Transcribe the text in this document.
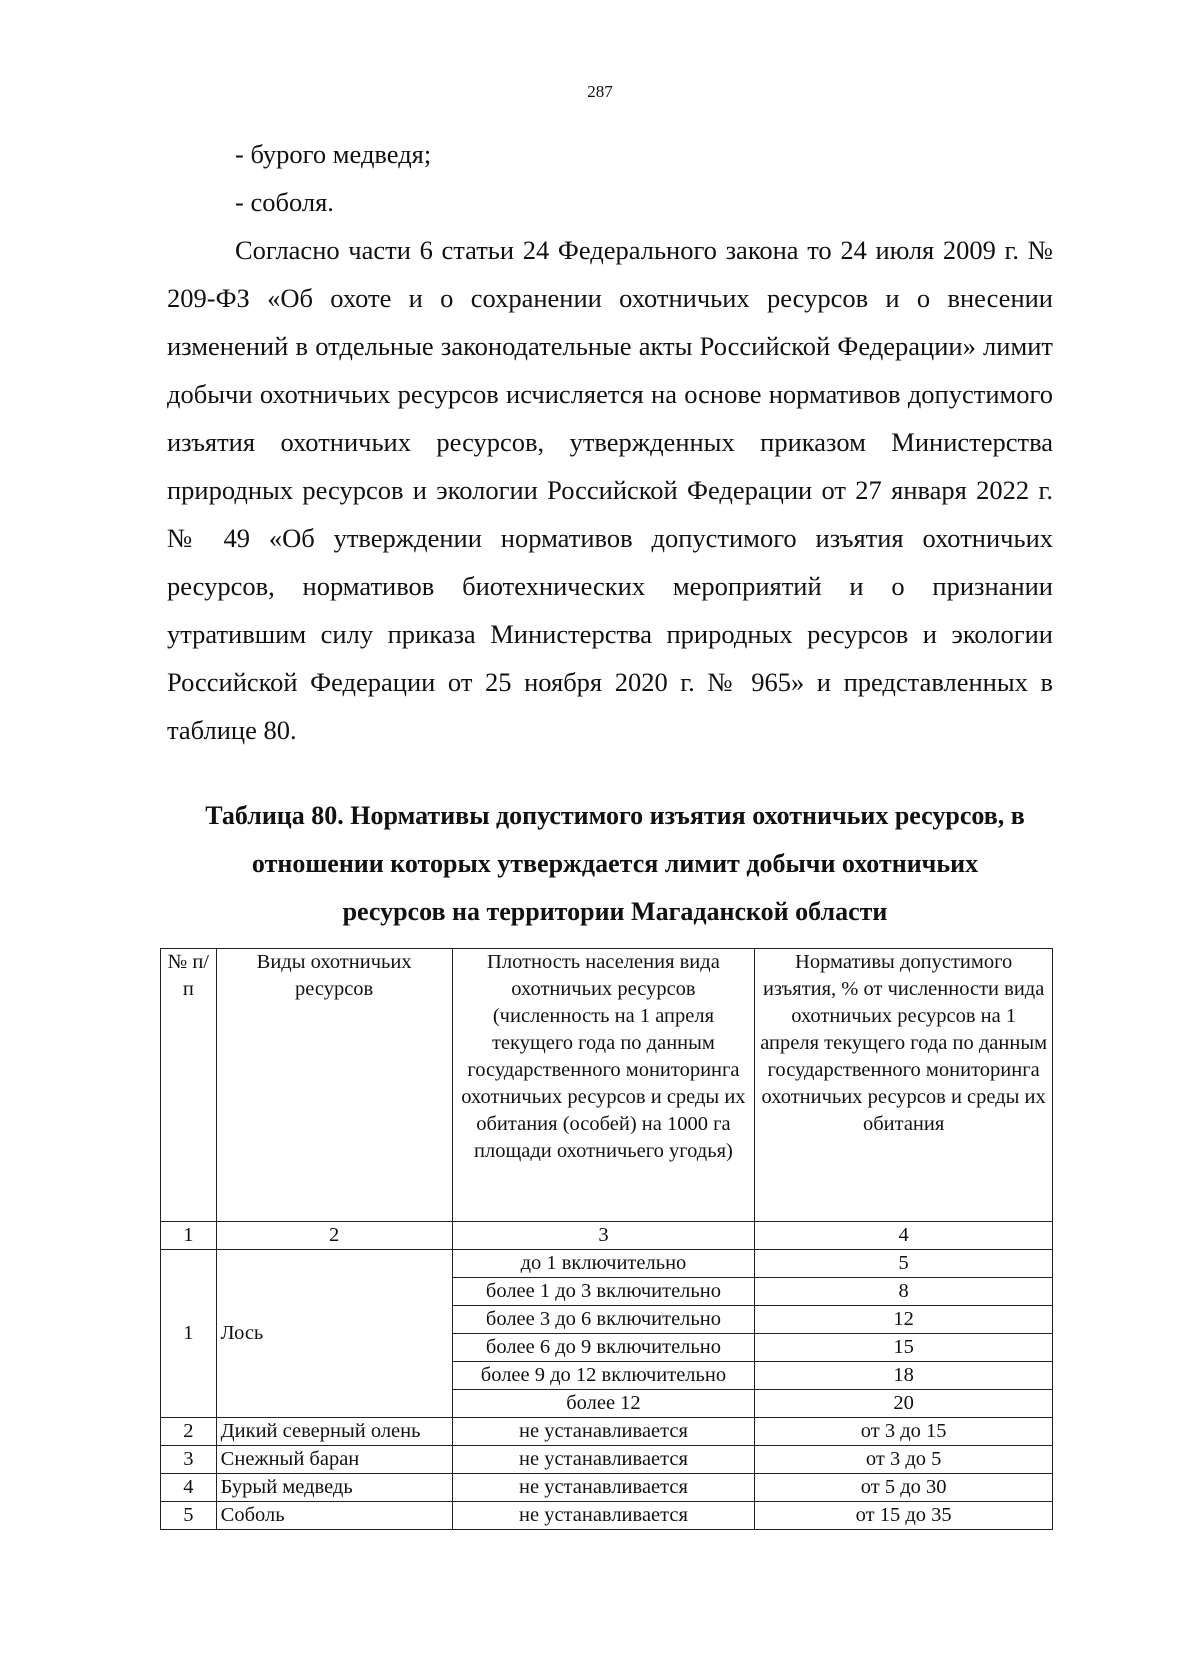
287

- бурого медведя;

- соболя.

Согласно части 6 статьи 24 Федерального закона то 24 июля 2009 г. № 209-ФЗ «Об охоте и о сохранении охотничьих ресурсов и о внесении изменений в отдельные законодательные акты Российской Федерации» лимит добычи охотничьих ресурсов исчисляется на основе нормативов допустимого изъятия охотничьих ресурсов, утвержденных приказом Министерства природных ресурсов и экологии Российской Федерации от 27 января 2022 г. № 49 «Об утверждении нормативов допустимого изъятия охотничьих ресурсов, нормативов биотехнических мероприятий и о признании утратившим силу приказа Министерства природных ресурсов и экологии Российской Федерации от 25 ноября 2020 г. № 965» и представленных в таблице 80.

Таблица 80. Нормативы допустимого изъятия охотничьих ресурсов, в отношении которых утверждается лимит добычи охотничьих ресурсов на территории Магаданской области

№ п/п	Виды охотничьих ресурсов	Плотность населения вида охотничьих ресурсов (численность на 1 апреля текущего года по данным государственного мониторинга охотничьих ресурсов и среды их обитания (особей) на 1000 га площади охотничьего угодья)	Нормативы допустимого изъятия, % от численности вида охотничьих ресурсов на 1 апреля текущего года по данным государственного мониторинга охотничьих ресурсов и среды их обитания
1	2	3	4
1	Лось	до 1 включительно	5
		более 1 до 3 включительно	8
		более 3 до 6 включительно	12
		более 6 до 9 включительно	15
		более 9 до 12 включительно	18
		более 12	20
2	Дикий северный олень	не устанавливается	от 3 до 15
3	Снежный баран	не устанавливается	от 3 до 5
4	Бурый медведь	не устанавливается	от 5 до 30
5	Соболь	не устанавливается	от 15 до 35
